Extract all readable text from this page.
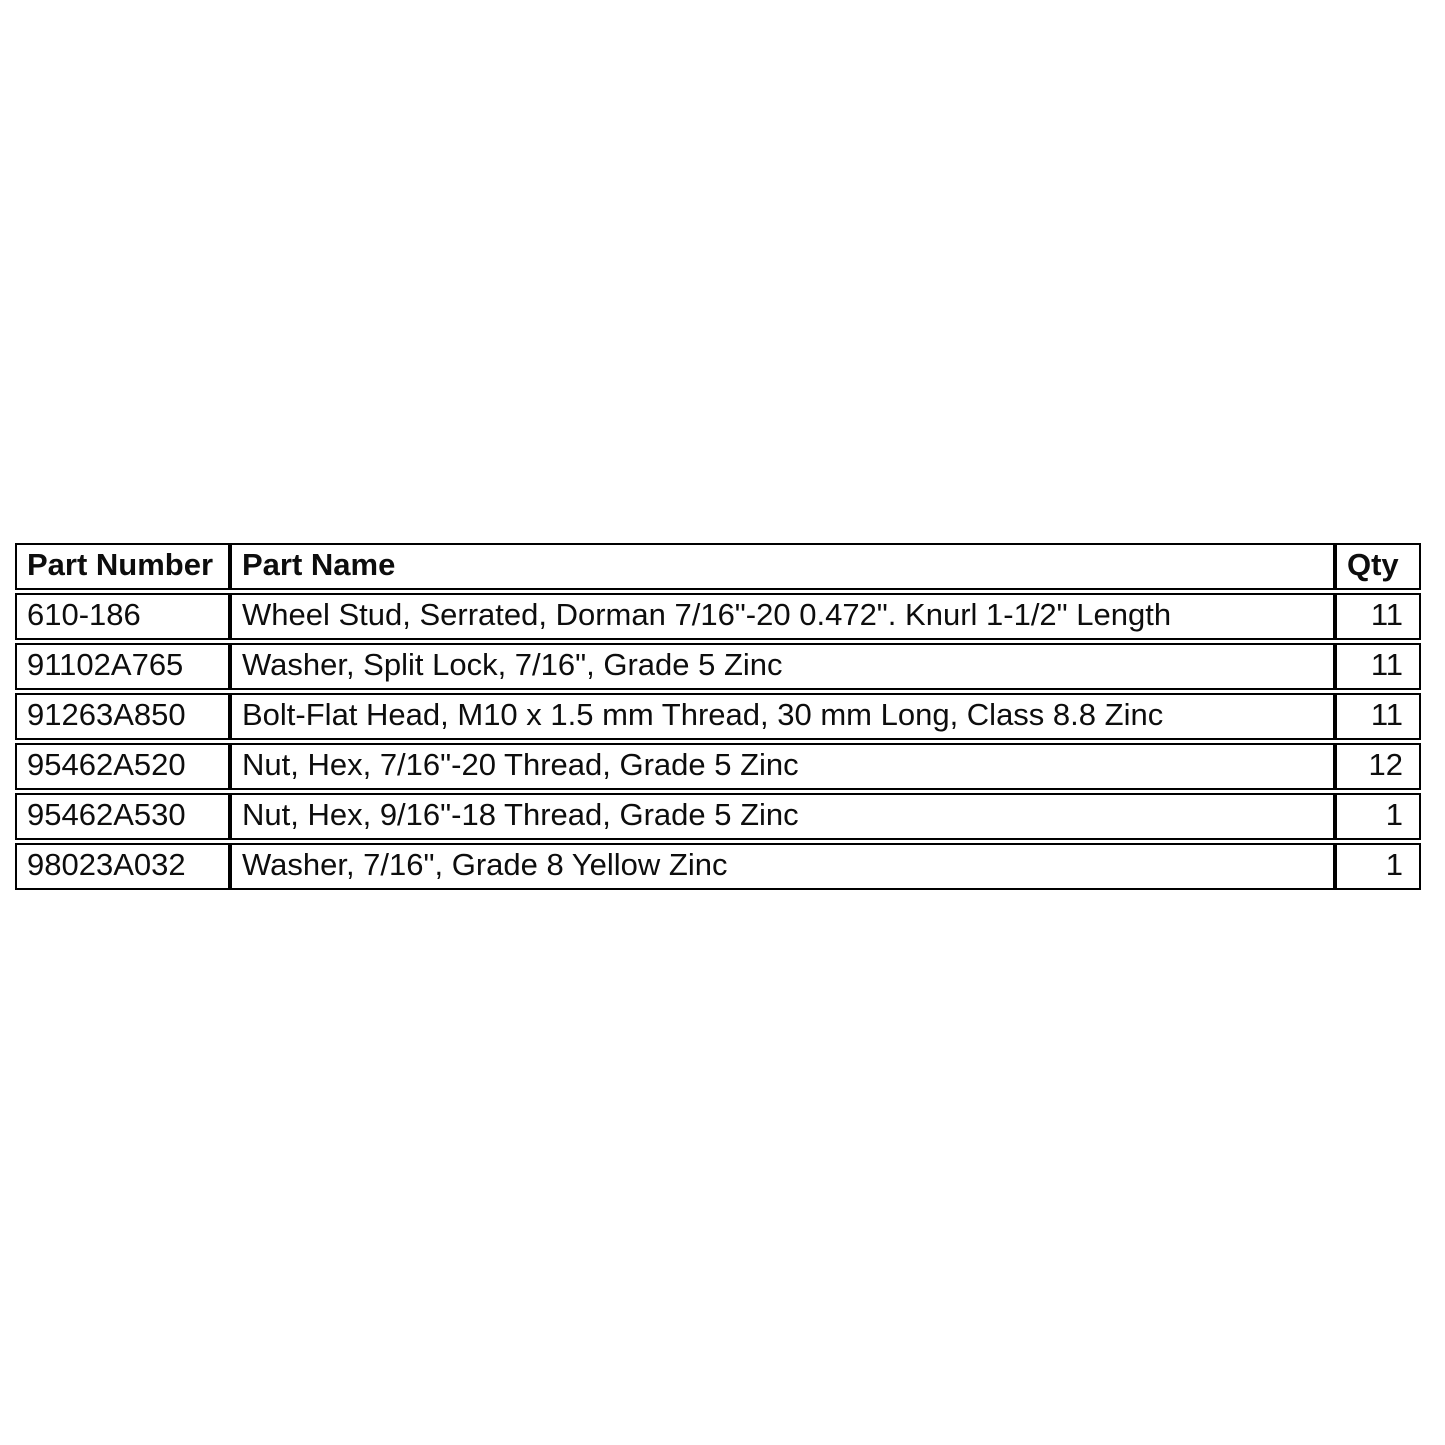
Part Number	Part Name	Qty
610-186	Wheel Stud, Serrated, Dorman 7/16"-20 0.472". Knurl 1-1/2" Length	11
91102A765	Washer, Split Lock, 7/16", Grade 5 Zinc	11
91263A850	Bolt-Flat Head, M10 x 1.5 mm Thread, 30 mm Long, Class 8.8 Zinc	11
95462A520	Nut, Hex, 7/16"-20 Thread, Grade 5 Zinc	12
95462A530	Nut, Hex, 9/16"-18 Thread, Grade 5 Zinc	1
98023A032	Washer, 7/16", Grade 8 Yellow Zinc	1
